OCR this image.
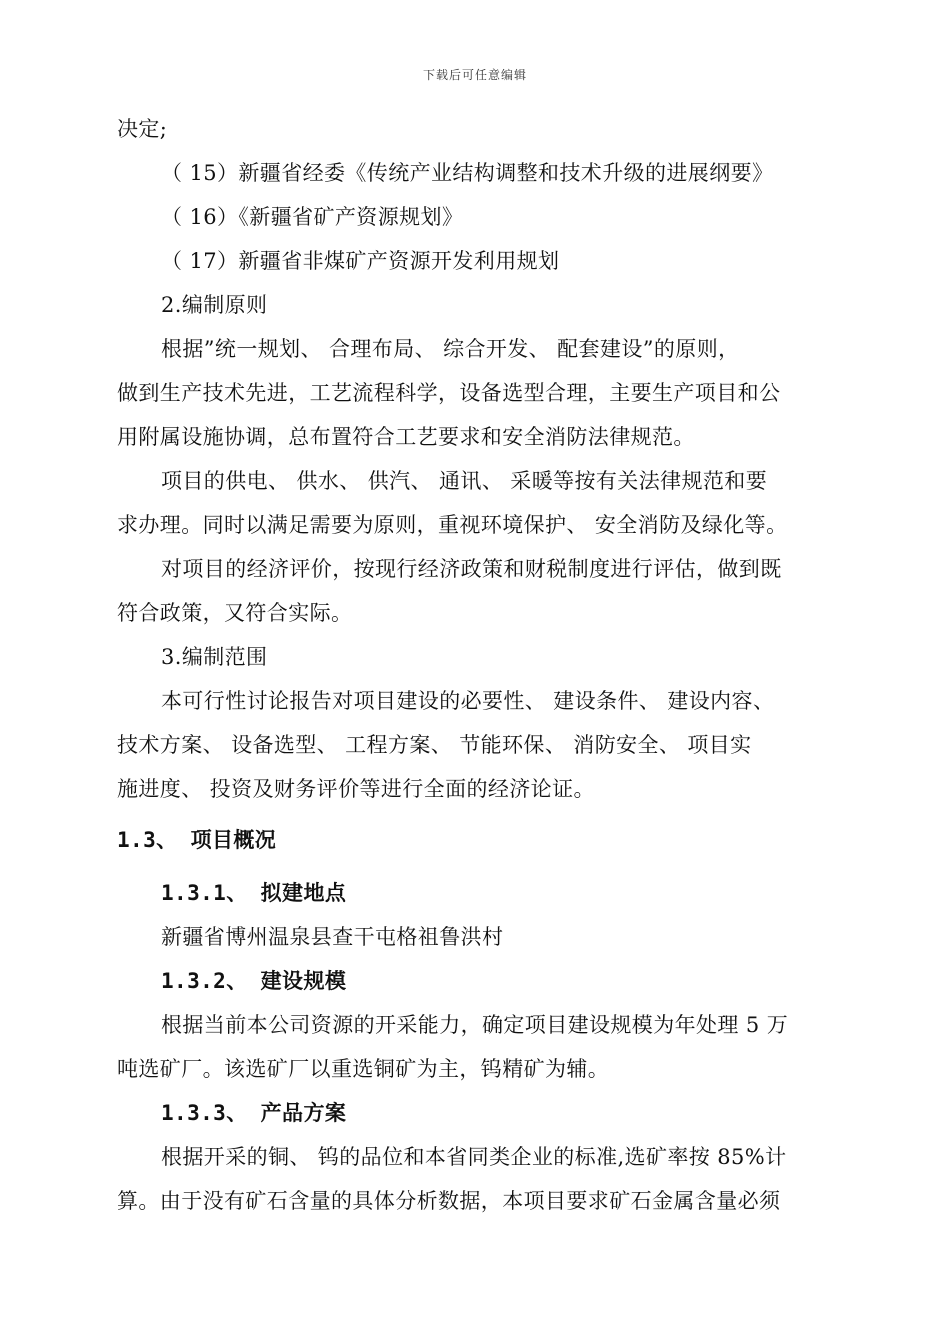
下载后可任意编辑
决定;
（ 15）新疆省经委《传统产业结构调整和技术升级的进展纲要》
（ 16）《新疆省矿产资源规划》
（ 17）新疆省非煤矿产资源开发利用规划
2.编制原则
根据”统一规划、 合理布局、 综合开发、 配套建设”的原则，
做到生产技术先进，工艺流程科学，设备选型合理，主要生产项目和公
用附属设施协调，总布置符合工艺要求和安全消防法律规范。
项目的供电、 供水、 供汽、 通讯、 采暖等按有关法律规范和要
求办理。同时以满足需要为原则，重视环境保护、 安全消防及绿化等。
对项目的经济评价，按现行经济政策和财税制度进行评估，做到既
符合政策，又符合实际。
3.编制范围
本可行性讨论报告对项目建设的必要性、 建设条件、 建设内容、
技术方案、 设备选型、 工程方案、 节能环保、 消防安全、 项目实
施进度、 投资及财务评价等进行全面的经济论证。
1.3、 项目概况
1.3.1、 拟建地点
新疆省博州温泉县查干屯格祖鲁洪村
1.3.2、 建设规模
根据当前本公司资源的开采能力，确定项目建设规模为年处理 5 万
吨选矿厂。该选矿厂以重选铜矿为主，钨精矿为辅。
1.3.3、 产品方案
根据开采的铜、 钨的品位和本省同类企业的标准,选矿率按 85%计
算。由于没有矿石含量的具体分析数据，本项目要求矿石金属含量必须
